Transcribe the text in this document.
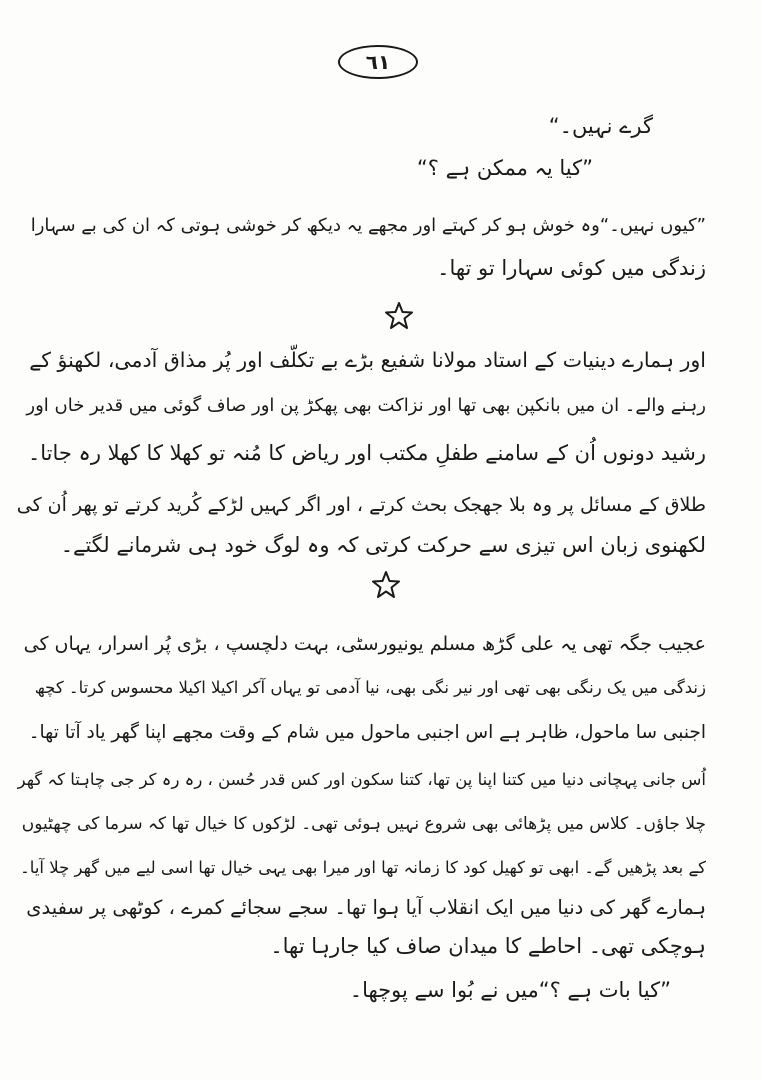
٦١
گرے نہیں۔“
”کیا یہ ممکن ہے ؟“
”کیوں نہیں۔“وہ خوش ہو کر کہتے اور مجھے یہ دیکھ کر خوشی ہوتی کہ ان کی بے سہارا
زندگی میں کوئی سہارا تو تھا۔
اور ہمارے دینیات کے استاد مولانا شفیع بڑے بے تکلّف اور پُر مذاق آدمی، لکھنؤ کے
رہنے والے۔ ان میں بانکپن بھی تھا اور نزاکت بھی پھکڑ پن اور صاف گوئی میں قدیر خاں اور
رشید دونوں اُن کے سامنے طفلِ مکتب اور ریاض کا مُنہ تو کھلا کا کھلا رہ جاتا۔
طلاق کے مسائل پر وہ بلا جھجک بحث کرتے ، اور اگر کہیں لڑکے کُرید کرتے تو پھر اُن کی
لکھنوی زبان اس تیزی سے حرکت کرتی کہ وہ لوگ خود ہی شرمانے لگتے۔
عجیب جگہ تھی یہ علی گڑھ مسلم یونیورسٹی، بہت دلچسپ ، بڑی پُر اسرار، یہاں کی
زندگی میں یک رنگی بھی تھی اور نیر نگی بھی، نیا آدمی تو یہاں آکر اکیلا اکیلا محسوس کرتا۔ کچھ
اجنبی سا ماحول، ظاہر ہے اس اجنبی ماحول میں شام کے وقت مجھے اپنا گھر یاد آتا تھا۔
اُس جانی پہچانی دنیا میں کتنا اپنا پن تھا، کتنا سکون اور کس قدر حُسن ، رہ رہ کر جی چاہتا کہ گھر
چلا جاؤں۔ کلاس میں پڑھائی بھی شروع نہیں ہوئی تھی۔ لڑکوں کا خیال تھا کہ سرما کی چھٹیوں
کے بعد پڑھیں گے۔ ابھی تو کھیل کود کا زمانہ تھا اور میرا بھی یہی خیال تھا اسی لیے میں گھر چلا آیا۔
ہمارے گھر کی دنیا میں ایک انقلاب آیا ہوا تھا۔ سجے سجائے کمرے ، کوٹھی پر سفیدی
ہوچکی تھی۔ احاطے کا میدان صاف کیا جارہا تھا۔
”کیا بات ہے ؟“میں نے بُوا سے پوچھا۔
